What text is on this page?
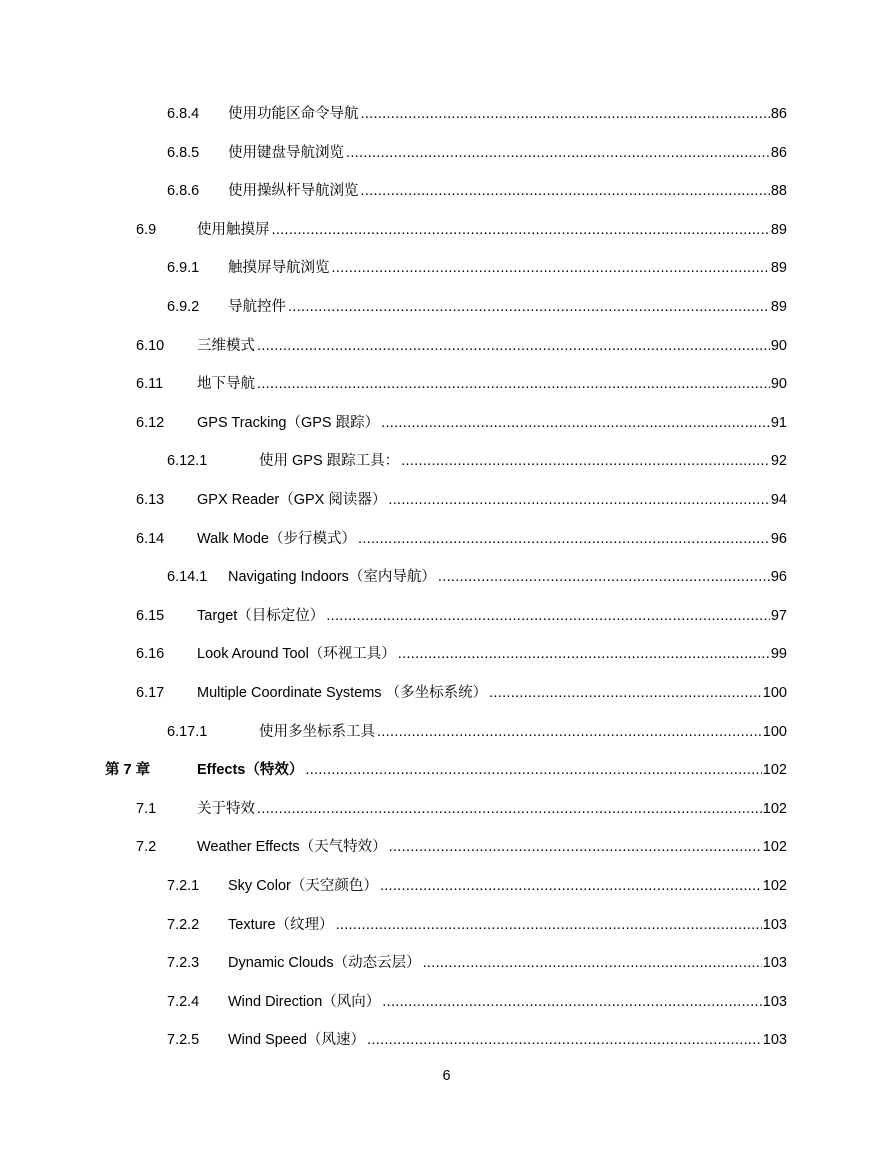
6.8.4 使用功能区命令导航 .....	86
6.8.5 使用键盘导航浏览 .....	86
6.8.6 使用操纵杆导航浏览 .....	88
6.9	使用触摸屏 .....	89
6.9.1 触摸屏导航浏览 .....	89
6.9.2 导航控件 .....	89
6.10 三维模式 .....	90
6.11 地下导航 .....	90
6.12 GPS Tracking（GPS 跟踪） .....	91
6.12.1	使用 GPS 跟踪工具： .....	92
6.13 GPX Reader（GPX 阅读器） .....	94
6.14 Walk Mode（步行模式） .....	96
6.14.1 Navigating Indoors（室内导航） .....	96
6.15 Target（目标定位） .....	97
6.16 Look Around Tool（环视工具） .....	99
6.17 Multiple Coordinate Systems （多坐标系统） .....	100
6.17.1	使用多坐标系工具 .....	100
第 7 章	Effects（特效） .....	102
7.1	关于特效 .....	102
7.2	Weather Effects（天气特效） .....	102
7.2.1 Sky Color（天空颜色） .....	102
7.2.2 Texture（纹理） .....	103
7.2.3 Dynamic Clouds（动态云层） .....	103
7.2.4 Wind Direction（风向） .....	103
7.2.5 Wind Speed（风速） .....	103
6
